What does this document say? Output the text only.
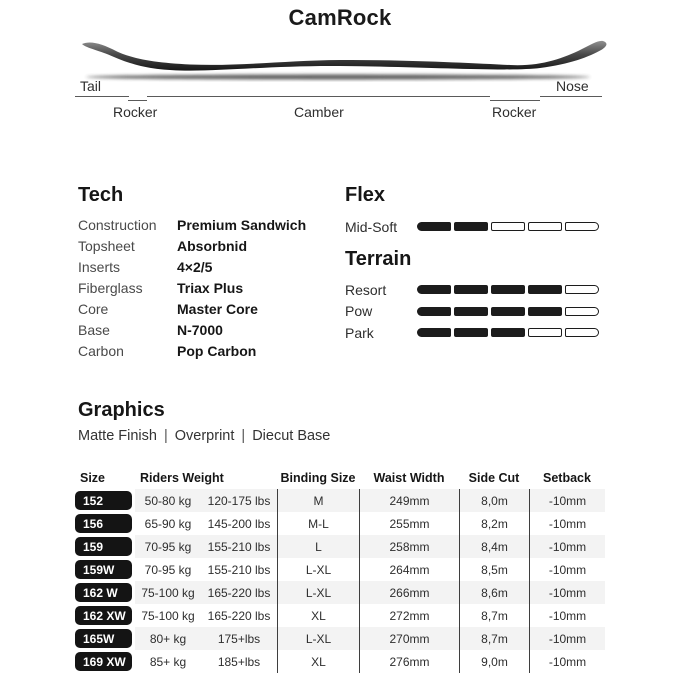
CamRock
Tail	Nose
Rocker	Camber	Rocker
Tech
Construction	Premium Sandwich
Topsheet	Absorbnid
Inserts	4×2/5
Fiberglass	Triax Plus
Core	Master Core
Base	N-7000
Carbon	Pop Carbon
Flex
Mid-Soft
Terrain
Resort
Pow
Park
Graphics
Matte Finish | Overprint | Diecut Base
Size	Riders Weight	Binding Size	Waist Width	Side Cut	Setback
152	50-80 kg	120-175 lbs	M	249mm	8,0m	-10mm
156	65-90 kg	145-200 lbs	M-L	255mm	8,2m	-10mm
159	70-95 kg	155-210 lbs	L	258mm	8,4m	-10mm
159W	70-95 kg	155-210 lbs	L-XL	264mm	8,5m	-10mm
162 W	75-100 kg	165-220 lbs	L-XL	266mm	8,6m	-10mm
162 XW	75-100 kg	165-220 lbs	XL	272mm	8,7m	-10mm
165W	80+ kg	175+lbs	L-XL	270mm	8,7m	-10mm
169 XW	85+ kg	185+lbs	XL	276mm	9,0m	-10mm
